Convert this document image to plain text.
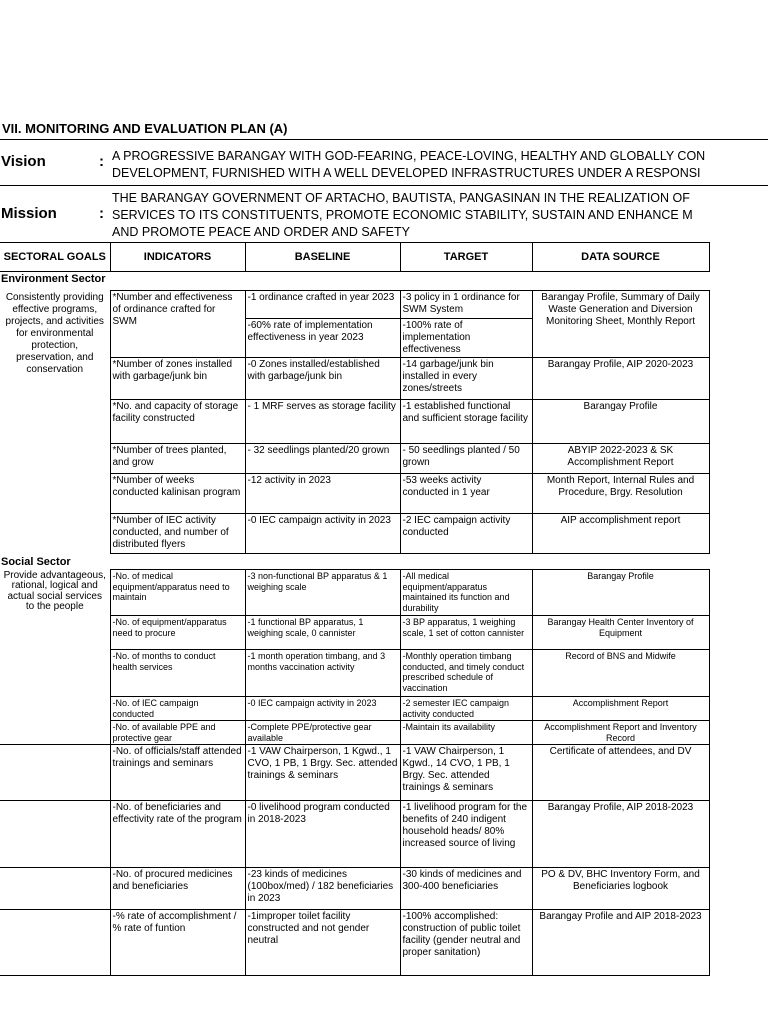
VII. MONITORING AND EVALUATION PLAN (A)
Vision	: A PROGRESSIVE BARANGAY WITH GOD-FEARING, PEACE-LOVING, HEALTHY AND GLOBALLY CON
DEVELOPMENT, FURNISHED WITH A WELL DEVELOPED INFRASTRUCTURES UNDER A RESPONSI
Mission	:
THE BARANGAY GOVERNMENT OF ARTACHO, BAUTISTA, PANGASINAN IN THE REALIZATION OF
SERVICES TO ITS CONSTITUENTS, PROMOTE ECONOMIC STABILITY, SUSTAIN AND ENHANCE M
AND PROMOTE PEACE AND ORDER AND SAFETY
SECTORAL GOALS	INDICATORS	BASELINE	TARGET	DATA SOURCE
Environment Sector
Consistently providing effective programs, projects, and activities for environmental protection, preservation, and conservation	*Number and effectiveness of ordinance crafted for SWM	-1 ordinance crafted in year 2023	-3 policy in 1 ordinance for SWM System	Barangay Profile, Summary of Daily Waste Generation and Diversion Monitoring Sheet, Monthly Report
		-60% rate of implementation effectiveness in year 2023	-100% rate of implementation effectiveness	
	*Number of zones installed with garbage/junk bin	-0 Zones installed/established with garbage/junk bin	-14 garbage/junk bin installed in every zones/streets	Barangay Profile, AIP 2020-2023
	*No. and capacity of storage facility constructed	- 1 MRF serves as storage facility	-1 established functional and sufficient storage facility	Barangay Profile
	*Number of trees planted, and grow	- 32 seedlings planted/20 grown	- 50 seedlings planted / 50 grown	ABYIP 2022-2023 & SK Accomplishment Report
	*Number of weeks conducted kalinisan program	-12 activity in 2023	-53 weeks activity conducted in 1 year	Month Report, Internal Rules and Procedure, Brgy. Resolution
	*Number of IEC activity conducted, and number of distributed flyers	-0 IEC campaign activity in 2023	-2 IEC campaign activity conducted	AIP accomplishment report
Social Sector
Provide advantageous, rational, logical and actual social services to the people	-No. of medical equipment/apparatus need to maintain	-3 non-functional BP apparatus & 1 weighing scale	-All medical equipment/apparatus maintained its function and durability	Barangay Profile
	-No. of equipment/apparatus need to procure	-1 functional BP apparatus, 1 weighing scale, 0 cannister	-3 BP apparatus, 1 weighing scale, 1 set of cotton cannister	Barangay Health Center Inventory of Equipment
	-No. of months to conduct health services	-1 month operation timbang, and 3 months vaccination activity	-Monthly operation timbang conducted, and timely conduct prescribed schedule of vaccination	Record of BNS and Midwife
	-No. of IEC campaign conducted	-0 IEC campaign activity in 2023	-2 semester IEC campaign activity conducted	Accomplishment Report
	-No. of available PPE and protective gear	-Complete PPE/protective gear available	-Maintain its availability	Accomplishment Report and Inventory Record
	-No. of officials/staff attended trainings and seminars	-1 VAW Chairperson, 1 Kgwd., 1 CVO, 1 PB, 1 Brgy. Sec. attended trainings & seminars	-1 VAW Chairperson, 1 Kgwd., 14 CVO, 1 PB, 1 Brgy. Sec. attended trainings & seminars	Certificate of attendees, and DV
	-No. of beneficiaries and effectivity rate of the program	-0 livelihood program conducted in 2018-2023	-1 livelihood program for the benefits of 240 indigent household heads/ 80% increased source of living	Barangay Profile, AIP 2018-2023
	-No. of procured medicines and beneficiaries	-23 kinds of medicines (100box/med) / 182 beneficiaries in 2023	-30 kinds of medicines and 300-400 beneficiaries	PO & DV, BHC Inventory Form, and Beneficiaries logbook
	-% rate of accomplishment / % rate of funtion	-1improper toilet facility constructed and not gender neutral	-100% accomplished: construction of public toilet facility (gender neutral and proper sanitation)	Barangay Profile and AIP 2018-2023
